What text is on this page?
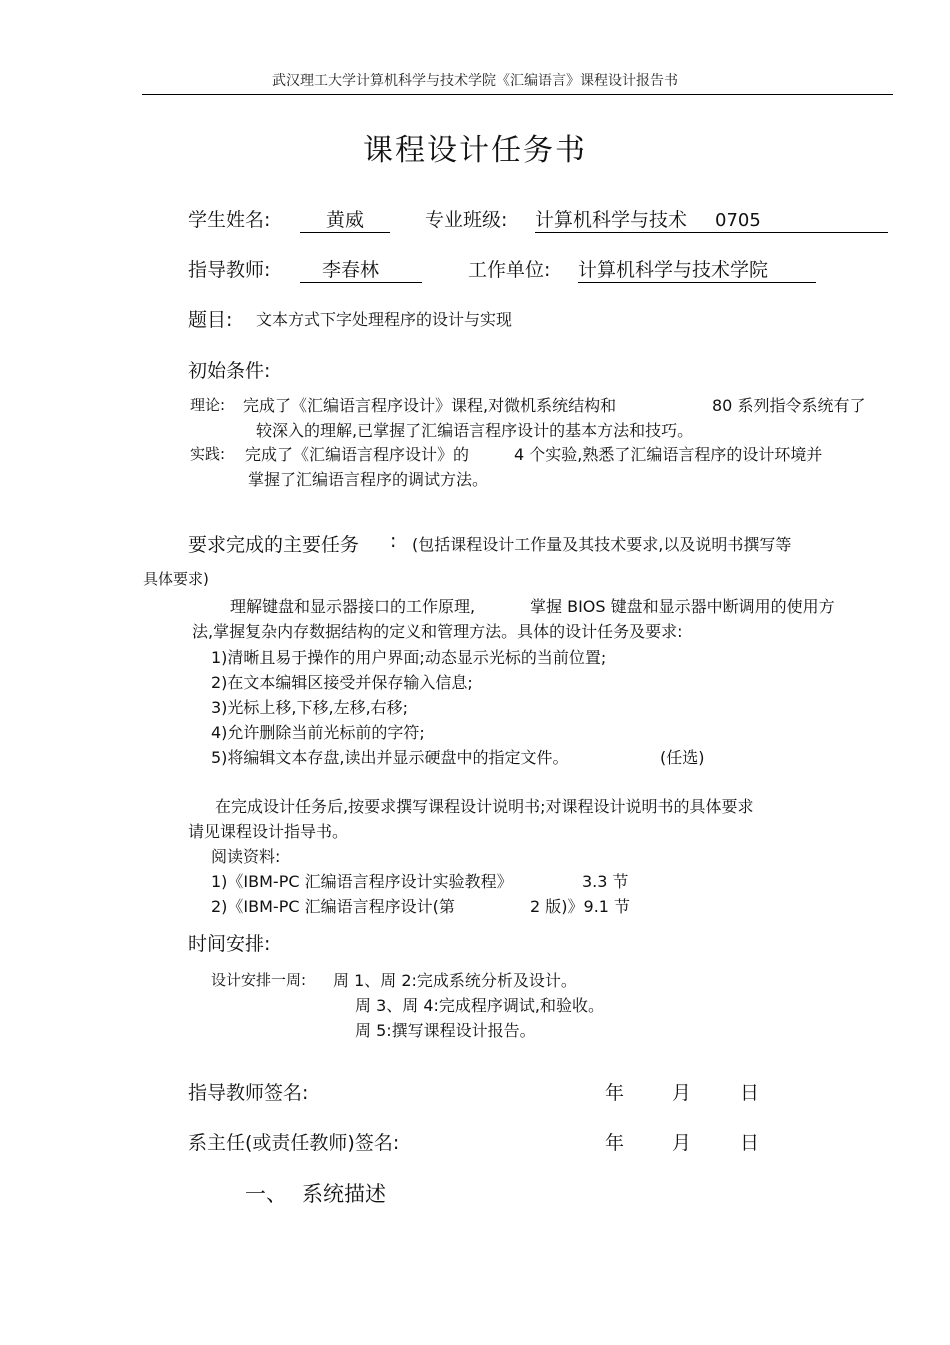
武汉理工大学计算机科学与技术学院《汇编语言》课程设计报告书
课程设计任务书
学生姓名:	黄威	专业班级: 计算机科学与技术 0705
指导教师:	李春林	工作单位: 计算机科学与技术学院
题目: 文本方式下字处理程序的设计与实现
初始条件:
理论: 完成了《汇编语言程序设计》课程,对微机系统结构和	80 系列指令系统有了
较深入的理解,已掌握了汇编语言程序设计的基本方法和技巧。
实践: 完成了《汇编语言程序设计》的	4 个实验,熟悉了汇编语言程序的设计环境并
掌握了汇编语言程序的调试方法。
要求完成的主要任务 : (包括课程设计工作量及其技术要求,以及说明书撰写等
具体要求)
理解键盘和显示器接口的工作原理,	掌握 BIOS 键盘和显示器中断调用的使用方
法,掌握复杂内存数据结构的定义和管理方法。具体的设计任务及要求:
1)清晰且易于操作的用户界面;动态显示光标的当前位置;
2)在文本编辑区接受并保存输入信息;
3)光标上移,下移,左移,右移;
4)允许删除当前光标前的字符;
5)将编辑文本存盘,读出并显示硬盘中的指定文件。	(任选)
在完成设计任务后,按要求撰写课程设计说明书;对课程设计说明书的具体要求
请见课程设计指导书。
阅读资料:
1)《IBM-PC 汇编语言程序设计实验教程》	3.3 节
2)《IBM-PC 汇编语言程序设计(第	2 版)》9.1 节
时间安排:
设计安排一周: 周 1、周 2:完成系统分析及设计。
周 3、周 4:完成程序调试,和验收。
周 5:撰写课程设计报告。
指导教师签名:	年	月	日
系主任(或责任教师)签名:	年	月	日
一、 系统描述
